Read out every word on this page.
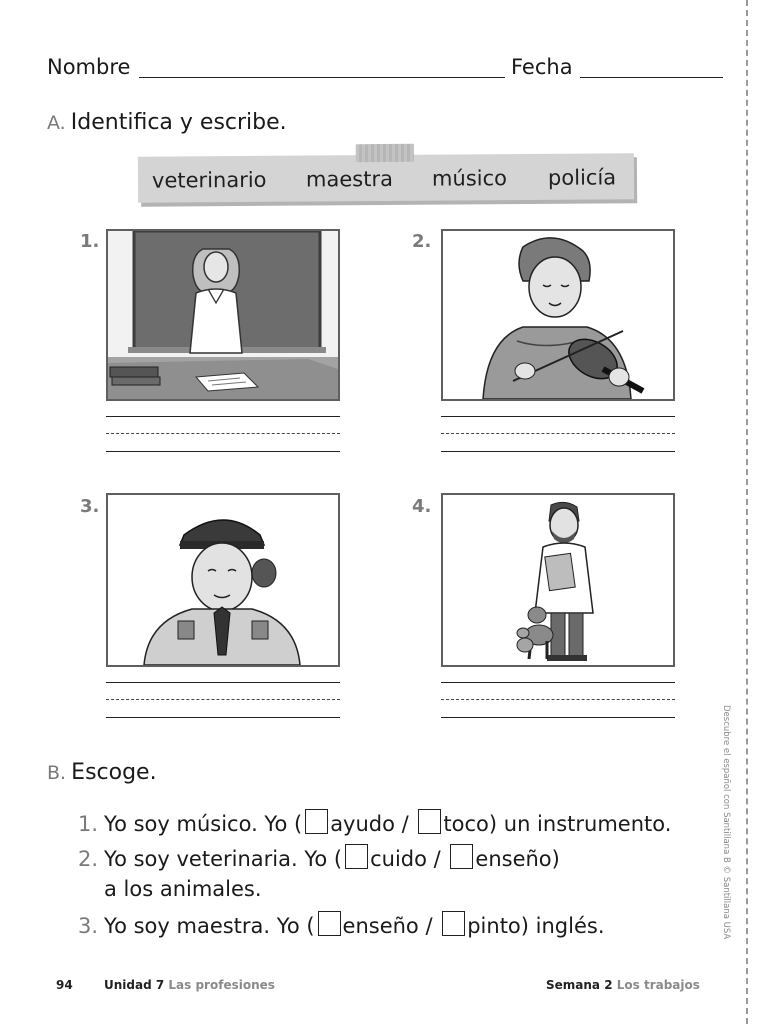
Nombre	Fecha
A. Identifica y escribe.
veterinario maestra músico policía
1.	2.
3.	4.
B. Escoge.
1. Yo soy músico. Yo ( ayudo / toco) un instrumento.
2. Yo soy veterinaria. Yo ( cuido / enseño)
a los animales.
3. Yo soy maestra. Yo ( enseño / pinto) inglés.
94	Unidad 7 Las profesiones	Semana 2 Los trabajos
Descubre el español con Santillana B © Santillana USA
